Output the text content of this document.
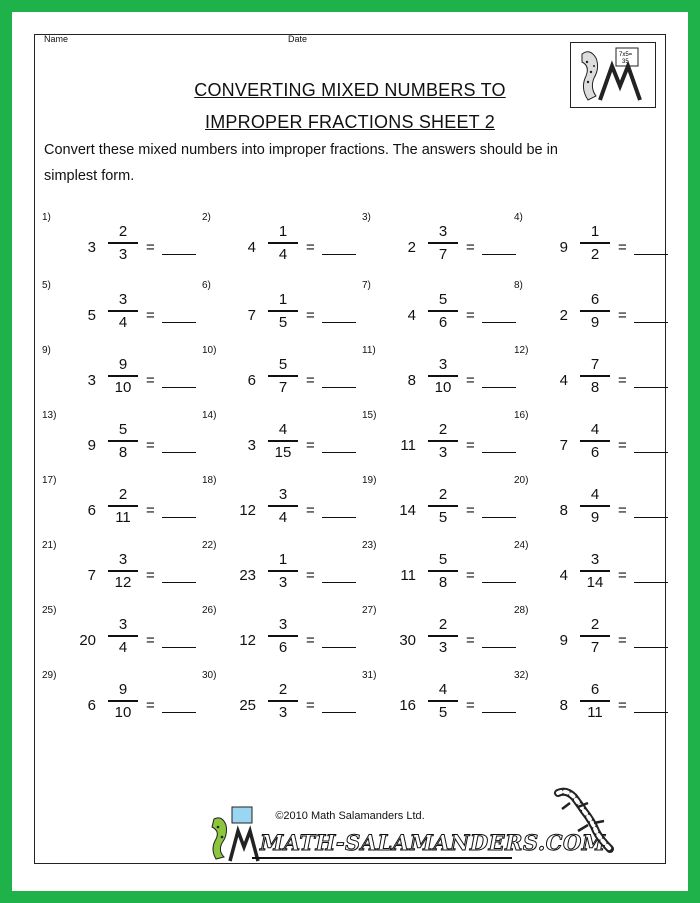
Name	Date
7x5=
35
CONVERTING MIXED NUMBERS TO
IMPROPER FRACTIONS SHEET 2
Convert these mixed numbers into improper fractions. The answers should be in
simplest form.
1)
3
2
3	=
2)
4
1
4	=
3)
2
3
7	=
4)
9
1
2	=
5)
5
3
4	=
6)
7
1
5	=
7)
4
5
6	=
8)
2
6
9	=
9)
3
9
10 =
10)
6
5
7	=
11)
8
3
10 =
12)
4
7
8	=
13)
9
5
8	=
14)
3
4
15 =
15)
11
2
3	=
16)
7
4
6	=
17)
6
2
11	=
18)
12
3
4	=
19)
14
2
5	=
20)
8
4
9	=
21)
7
3
12 =
22)
23
1
3	=
23)
11
5
8	=
24)
4
3
14 =
25)
20
3
4	=
26)
12
3
6	=
27)
30
2
3	=
28)
9
2
7	=
29)
6
9
10 =
30)
25
2
3	=
31)
16
4
5	=
32)
8
6
11	=
©2010 Math Salamanders Ltd.
MATH-SALAMANDERS.COM
